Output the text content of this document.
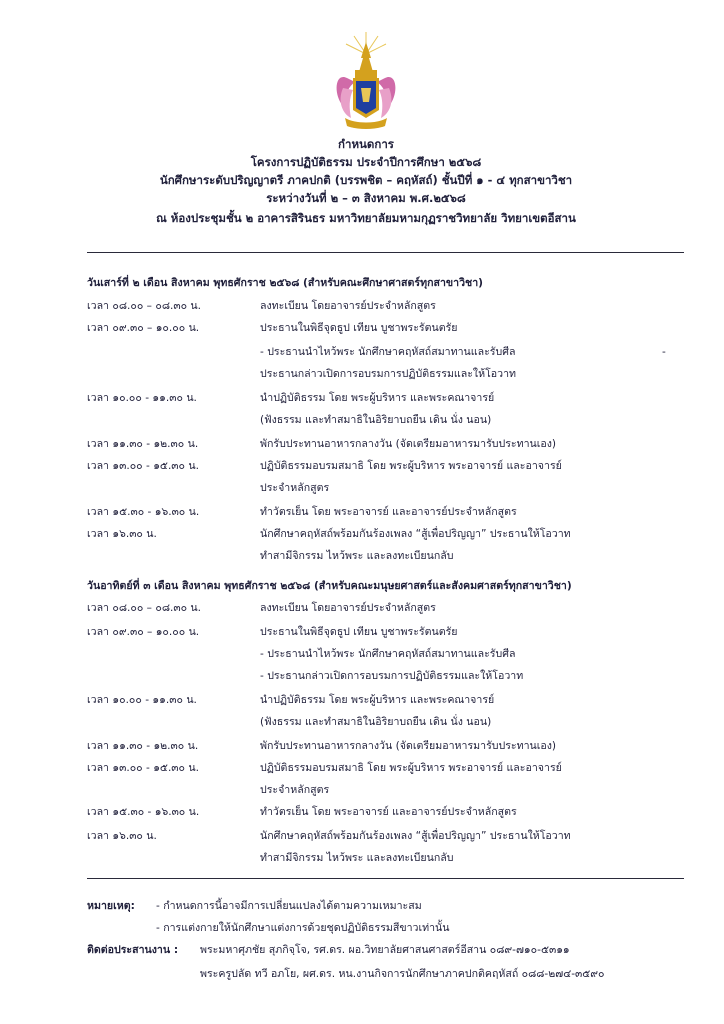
กำหนดการ
โครงการปฏิบัติธรรม ประจำปีการศึกษา ๒๕๖๘
นักศึกษาระดับปริญญาตรี ภาคปกติ (บรรพชิต – คฤหัสถ์) ชั้นปีที่ ๑ - ๔ ทุกสาขาวิชา
ระหว่างวันที่ ๒ – ๓ สิงหาคม พ.ศ.๒๕๖๘
ณ ห้องประชุมชั้น ๒ อาคารสิรินธร มหาวิทยาลัยมหามกุฏราชวิทยาลัย วิทยาเขตอีสาน
วันเสาร์ที่ ๒ เดือน สิงหาคม พุทธศักราช ๒๕๖๘ (สำหรับคณะศึกษาศาสตร์ทุกสาขาวิชา)
เวลา ๐๘.๐๐ – ๐๘.๓๐ น.	ลงทะเบียน โดยอาจารย์ประจำหลักสูตร
เวลา ๐๙.๓๐ – ๑๐.๐๐ น.	ประธานในพิธีจุดธูป เทียน บูชาพระรัตนตรัย
- ประธานนำไหว้พระ นักศึกษาคฤหัสถ์สมาทานและรับศีล	-
ประธานกล่าวเปิดการอบรมการปฏิบัติธรรมและให้โอวาท
เวลา ๑๐.๐๐ - ๑๑.๓๐ น.	นำปฏิบัติธรรม โดย พระผู้บริหาร และพระคณาจารย์
(ฟังธรรม และทำสมาธิในอิริยาบถยืน เดิน นั่ง นอน)
เวลา ๑๑.๓๐ - ๑๒.๓๐ น.	พักรับประทานอาหารกลางวัน (จัดเตรียมอาหารมารับประทานเอง)
เวลา ๑๓.๐๐ - ๑๕.๓๐ น.	ปฏิบัติธรรมอบรมสมาธิ โดย พระผู้บริหาร พระอาจารย์ และอาจารย์
ประจำหลักสูตร
เวลา ๑๕.๓๐ - ๑๖.๓๐ น.	ทำวัตรเย็น โดย พระอาจารย์ และอาจารย์ประจำหลักสูตร
เวลา ๑๖.๓๐ น.	นักศึกษาคฤหัสถ์พร้อมกันร้องเพลง “สู้เพื่อปริญญา” ประธานให้โอวาท
ทำสามีจิกรรม ไหว้พระ และลงทะเบียนกลับ
วันอาทิตย์ที่ ๓ เดือน สิงหาคม พุทธศักราช ๒๕๖๘ (สำหรับคณะมนุษยศาสตร์และสังคมศาสตร์ทุกสาขาวิชา)
เวลา ๐๘.๐๐ – ๐๘.๓๐ น.	ลงทะเบียน โดยอาจารย์ประจำหลักสูตร
เวลา ๐๙.๓๐ – ๑๐.๐๐ น.	ประธานในพิธีจุดธูป เทียน บูชาพระรัตนตรัย
- ประธานนำไหว้พระ นักศึกษาคฤหัสถ์สมาทานและรับศีล
- ประธานกล่าวเปิดการอบรมการปฏิบัติธรรมและให้โอวาท
เวลา ๑๐.๐๐ - ๑๑.๓๐ น.	นำปฏิบัติธรรม โดย พระผู้บริหาร และพระคณาจารย์
(ฟังธรรม และทำสมาธิในอิริยาบถยืน เดิน นั่ง นอน)
เวลา ๑๑.๓๐ - ๑๒.๓๐ น.	พักรับประทานอาหารกลางวัน (จัดเตรียมอาหารมารับประทานเอง)
เวลา ๑๓.๐๐ - ๑๕.๓๐ น.	ปฏิบัติธรรมอบรมสมาธิ โดย พระผู้บริหาร พระอาจารย์ และอาจารย์
ประจำหลักสูตร
เวลา ๑๕.๓๐ - ๑๖.๓๐ น.	ทำวัตรเย็น โดย พระอาจารย์ และอาจารย์ประจำหลักสูตร
เวลา ๑๖.๓๐ น.	นักศึกษาคฤหัสถ์พร้อมกันร้องเพลง “สู้เพื่อปริญญา” ประธานให้โอวาท
ทำสามีจิกรรม ไหว้พระ และลงทะเบียนกลับ
หมายเหตุ: - กำหนดการนี้อาจมีการเปลี่ยนแปลงได้ตามความเหมาะสม
- การแต่งกายให้นักศึกษาแต่งการด้วยชุดปฏิบัติธรรมสีขาวเท่านั้น
ติดต่อประสานงาน : พระมหาศุภชัย สุภกิจฺโจ, รศ.ดร. ผอ.วิทยาลัยศาสนศาสตร์อีสาน ๐๘๙-๗๑๐-๕๓๑๑
พระครูปลัด ทวี อภโย, ผศ.ดร. หน.งานกิจการนักศึกษาภาคปกติคฤหัสถ์ ๐๘๘-๒๗๔-๓๕๙๐
